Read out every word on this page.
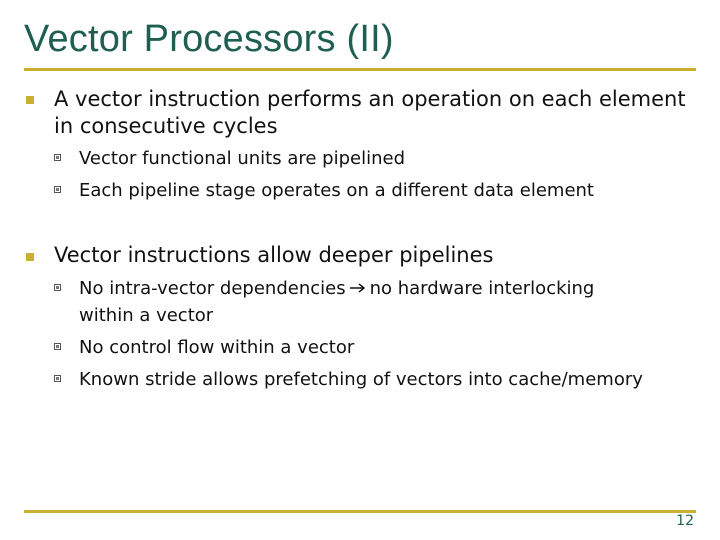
Vector Processors (II)
A vector instruction performs an operation on each element
in consecutive cycles
Vector functional units are pipelined
Each pipeline stage operates on a different data element
Vector instructions allow deeper pipelines
No intra-vector dependencies no hardware interlocking
within a vector
No control flow within a vector
Known stride allows prefetching of vectors into cache/memory
12
